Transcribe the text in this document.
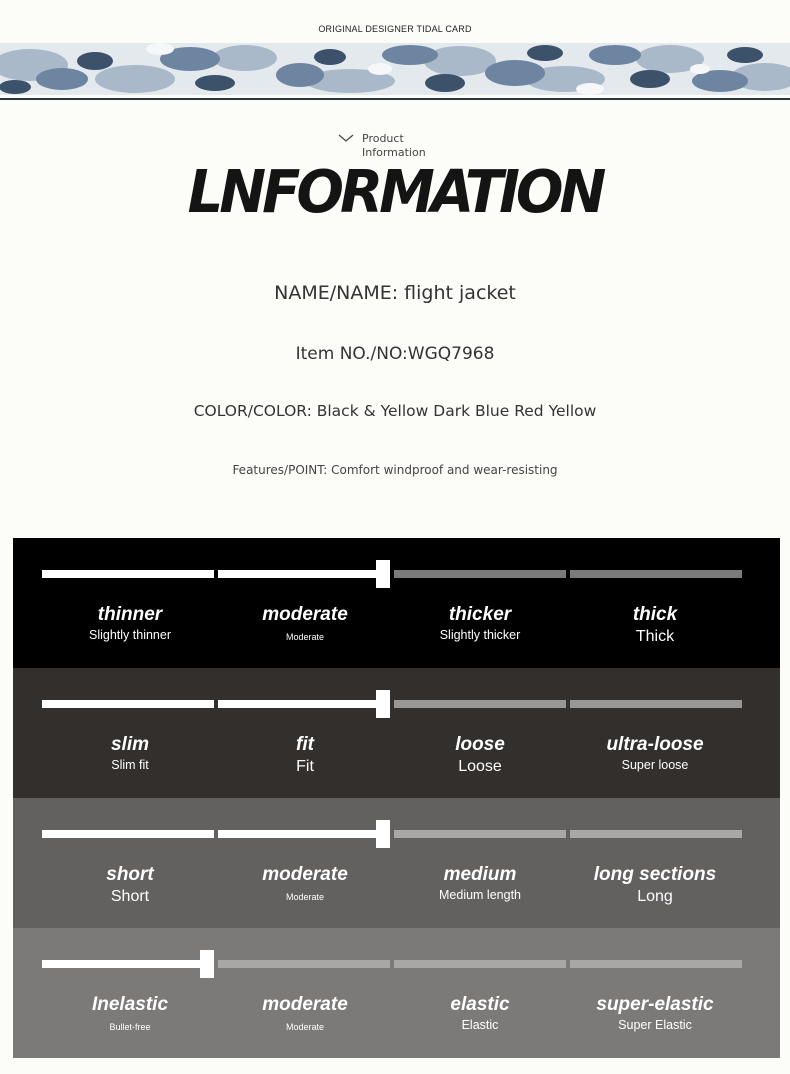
ORIGINAL DESIGNER TIDAL CARD
Product
Information
LNFORMATION
NAME/NAME: flight jacket
Item NO./NO:WGQ7968
COLOR/COLOR: Black & Yellow Dark Blue Red Yellow
Features/POINT: Comfort windproof and wear-resisting
thinner
Slightly thinner
moderate
Moderate
thicker
Slightly thicker
thick
Thick
slim
Slim fit
fit
Fit
loose
Loose
ultra-loose
Super loose
short
Short
moderate
Moderate
medium
Medium length
long sections
Long
Inelastic
Bullet-free
moderate
Moderate
elastic
Elastic
super-elastic
Super Elastic
